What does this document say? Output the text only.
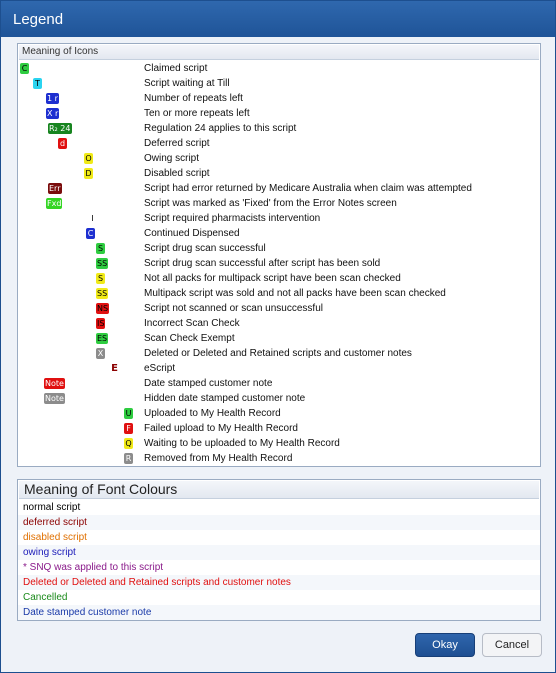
Legend
Meaning of Icons
C	Claimed script
T	Script waiting at Till
1 r	Number of repeats left
X r	Ten or more repeats left
R₂ 24	Regulation 24 applies to this script
d	Deferred script
O	Owing script
D	Disabled script
Err	Script had error returned by Medicare Australia when claim was attempted
Fxd	Script was marked as 'Fixed' from the Error Notes screen
I	Script required pharmacists intervention
C	Continued Dispensed
S	Script drug scan successful
SS	Script drug scan successful after script has been sold
S	Not all packs for multipack script have been scan checked
SS	Multipack script was sold and not all packs have been scan checked
NS	Script not scanned or scan unsuccessful
IS	Incorrect Scan Check
ES	Scan Check Exempt
X	Deleted or Deleted and Retained scripts and customer notes
E	eScript
Note	Date stamped customer note
Note	Hidden date stamped customer note
U Uploaded to My Health Record
F Failed upload to My Health Record
Q Waiting to be uploaded to My Health Record
R Removed from My Health Record
Meaning of Font Colours
normal script
deferred script
disabled script
owing script
* SNQ was applied to this script
Deleted or Deleted and Retained scripts and customer notes
Cancelled
Date stamped customer note
Okay	Cancel
